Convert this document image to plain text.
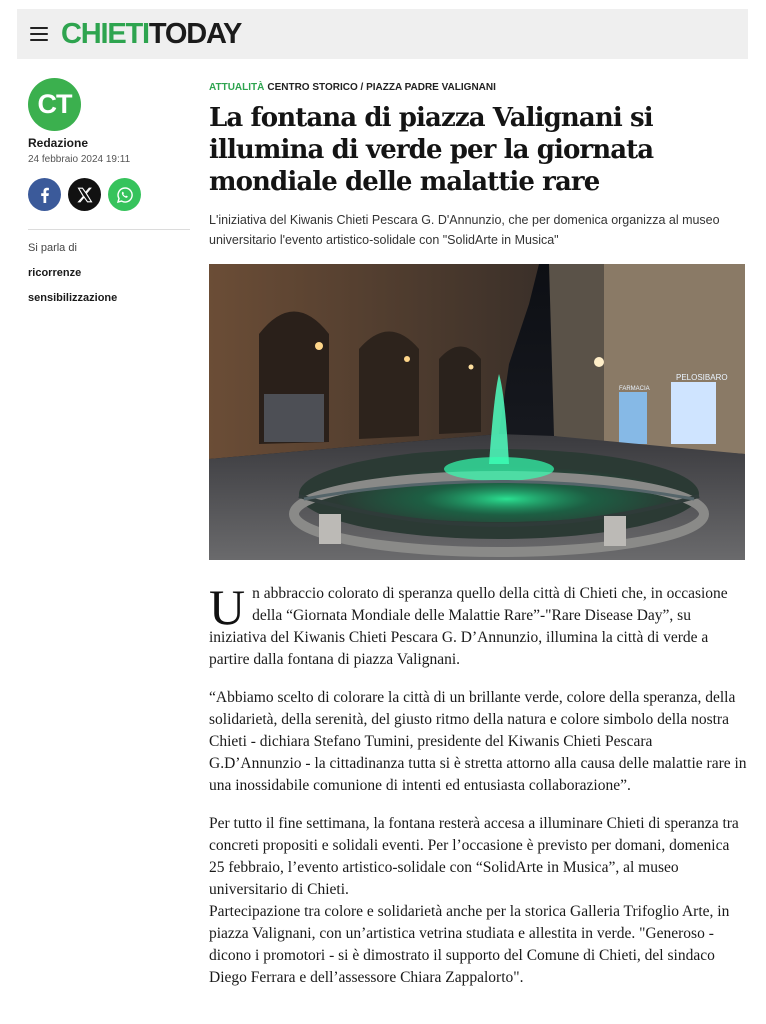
CHIETITODAY
CT
Redazione
24 febbraio 2024 19:11
Si parla di
ricorrenze
sensibilizzazione
ATTUALITÀ CENTRO STORICO / PIAZZA PADRE VALIGNANI
La fontana di piazza Valignani si illumina di verde per la giornata mondiale delle malattie rare
L'iniziativa del Kiwanis Chieti Pescara G. D'Annunzio, che per domenica organizza al museo universitario l'evento artistico-solidale con "SolidArte in Musica"
PELOSIBARO
FARMACIA

Un abbraccio colorato di speranza quello della città di Chieti che, in occasione della “Giornata Mondiale delle Malattie Rare”-"Rare Disease Day”, su iniziativa del Kiwanis Chieti Pescara G. D’Annunzio, illumina la città di verde a partire dalla fontana di piazza Valignani.

“Abbiamo scelto di colorare la città di un brillante verde, colore della speranza, della solidarietà, della serenità, del giusto ritmo della natura e colore simbolo della nostra Chieti - dichiara Stefano Tumini, presidente del Kiwanis Chieti Pescara G.D’Annunzio - la cittadinanza tutta si è stretta attorno alla causa delle malattie rare in una inossidabile comunione di intenti ed entusiasta collaborazione”.

Per tutto il fine settimana, la fontana resterà accesa a illuminare Chieti di speranza tra concreti propositi e solidali eventi. Per l’occasione è previsto per domani, domenica 25 febbraio, l’evento artistico-solidale con “SolidArte in Musica”, al museo universitario di Chieti.

Partecipazione tra colore e solidarietà anche per la storica Galleria Trifoglio Arte, in piazza Valignani, con un’artistica vetrina studiata e allestita in verde. "Generoso - dicono i promotori - si è dimostrato il supporto del Comune di Chieti, del sindaco Diego Ferrara e dell’assessore Chiara Zappalorto".
